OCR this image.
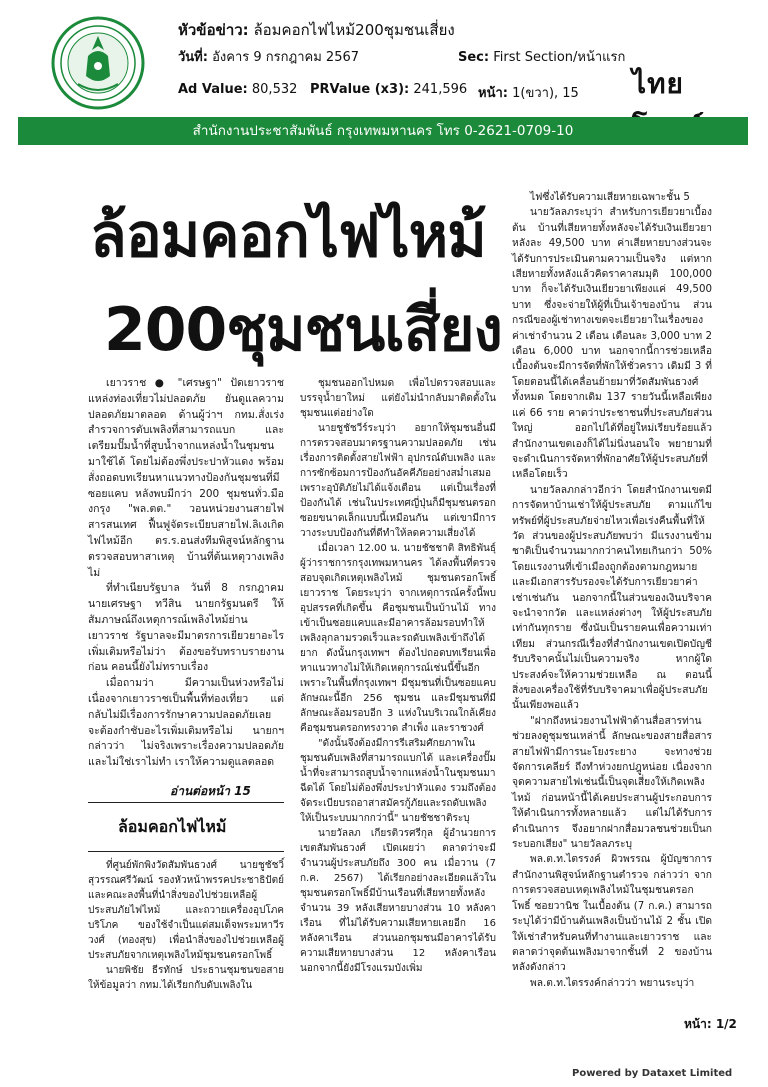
หัวข้อข่าว: ล้อมคอกไฟไหม้200ชุมชนเสี่ยง
วันที่: อังคาร 9 กรกฎาคม 2567	Sec: First Section/หน้าแรก
Ad Value: 80,532 PRValue (x3): 241,596 หน้า: 1(ขวา), 15 ไทย
สำนักงานประชาสัมพันธ์ กรุงเทพมหานคร โทร 0-2621-0709-10
ล้อมคอกไฟไหม้
200ชุมชนเสี่ยง

เยาวราช ● "เศรษฐา" ปัดเยาวราชแหล่งท่องเที่ยวไม่ปลอดภัย ยันดูแลความปลอดภัยมาตลอด ด้านผู้ว่าฯ กทม.สั่งเร่งสำรวจการดับเพลิงที่สามารถแบก และเตรียมปั๊มน้ำที่สูบน้ำจากแหล่งน้ำในชุมชนมาใช้ได้ โดยไม่ต้องพึ่งประปาหัวแดง พร้อมสั่งถอดบทเรียนหาแนวทางป้องกันชุมชนที่มีซอยแคบ หลังพบมีกว่า 200 ชุมชนทั่ว.มืองกรุง "พล.ตต." วอนหน่วยงานสายไฟสารสนเทศ ฟื้นฟูจัดระเบียบสายไฟ.ลิเงเกิดไฟไหม้อีก ตร.ร.อนส่งทีมพิสูจน์หลักฐานตรวจสอบหาสาเหตุ บ้านที่ต้นเหตุวางเพลิงไม่

ที่ทำเนียบรัฐบาล วันที่ 8 กรกฎาคม นายเศรษฐา ทวีสิน นายกรัฐมนตรี ให้สัมภาษณ์ถึงเหตุการณ์เพลิงไหม้ย่านเยาวราช รัฐบาลจะมีมาตรการเยียวยาอะไรเพิ่มเติมหรือไม่ว่า ต้องขอรับทราบรายงานก่อน คอนนี้ยังไม่ทราบเรื่อง

เมื่อถามว่า มีความเป็นห่วงหรือไม่ เนื่องจากเยาวราชเป็นพื้นที่ท่องเที่ยว แต่กลับไม่มีเรื่องการรักษาความปลอดภัยเลย จะต้องกำชับอะไรเพิ่มเติมหรือไม่ นายกฯ กล่าวว่า ไม่จริงเพราะเรื่องความปลอดภัย และไม่ใช่เราไม่ทำ เราให้ความดูแลตลอด

อ่านต่อหน้า 15
ล้อมคอกไฟไหม้

ที่ศูนย์พักพิงวัดสัมพันธวงศ์ นายชูชัชวิ์ สุวรรณศรีวัฒน์ รองหัวหน้าพรรคประชาธิปัตย์ และคณะลงพื้นที่นำสิ่งของไปช่วยเหลือผู้ประสบภัยไฟไหม้ และถวายเครื่องอุปโภคบริโภค ของใช้จำเป็นแด่สมเด็จพระมหาวีรวงศ์ (ทองสุข) เพื่อนำสิ่งของไปช่วยเหลือผู้ประสบภัยจากเหตุเพลิงไหม้ชุมชนตรอกโพธิ์

นายพิชัย ธีรทักษ์ ประธานชุมชนขอสาย ให้ข้อมูลว่า กทม.ได้เรียกกับดับเพลิงใน

ชุมชนออกไปหมด เพื่อไปตรวจสอบและบรรจุน้ำยาใหม่ แต่ยังไม่นำกลับมาติดตั้งในชุมชนแต่อย่างใด

นายชูชัชวีร์ระบุว่า อยากให้ชุมชนอื่นมีการตรวจสอบมาตรฐานความปลอดภัย เช่น เรื่องการติดตั้งสายไฟฟ้า อุปกรณ์ดับเพลิง และการซักซ้อมการป้องกันอัคคีภัยอย่างสม่ำเสมอ เพราะอุบัติภัยไม่ได้แจ้งเตือน แต่เป็นเรื่องที่ป้องกันได้ เช่นในประเทศญี่ปุ่นก็มีชุมชนตรอกซอยขนาดเล็กแบบนี้เหมือนกัน แต่เขามีการวางระบบป้องกันที่ดีทำให้ลดความเสี่ยงได้

เมื่อเวลา 12.00 น. นายชัชชาติ สิทธิพันธุ์ ผู้ว่าราชการกรุงเทพมหานคร ได้ลงพื้นที่ตรวจสอบจุดเกิดเหตุเพลิงไหม้ ชุมชนตรอกโพธิ์ เยาวราช โดยระบุว่า จากเหตุการณ์ครั้งนี้พบอุปสรรคที่เกิดขึ้น คือชุมชนเป็นบ้านไม้ ทางเข้าเป็นซอยแคบและมีอาคารล้อมรอบทำให้เพลิงลุกลามรวดเร็วและรถดับเพลิงเข้าถึงได้ยาก ดังนั้นกรุงเทพฯ ต้องไปถอดบทเรียนเพื่อหาแนวทางไม่ให้เกิดเหตุการณ์เช่นนี้ขึ้นอีก เพราะในพื้นที่กรุงเทพฯ มีชุมชนที่เป็นซอยแคบ ลักษณะนี้อีก 256 ชุมชน และมีชุมชนที่มีลักษณะล้อมรอบอีก 3 แห่งในบริเวณใกล้เคียง คือชุมชนตรอกทรงวาด สำเพ็ง และราชวงศ์

"ดังนั้นจึงต้องมีการรีเสริมศักยภาพในชุมชนดับเพลิงที่สามารถแบกได้ และเครื่องปั๊มน้ำที่จะสามารถสูบน้ำจากแหล่งน้ำในชุมชนมาฉีดได้ โดยไม่ต้องพึ่งประปาหัวแดง รวมถึงต้องจัดระเบียบรถอาสาสมัครกู้ภัยและรถดับเพลิงให้เป็นระบบมากกว่านี้" นายชัชชาติระบุ

นายวัลลภ เกียรติวรศรีกุล ผู้อำนวยการเขตสัมพันธวงศ์ เปิดเผยว่า ตลาดว่าจะมีจำนวนผู้ประสบภัยถึง 300 คน เมื่อวาน (7 ก.ค. 2567) ได้เรียกอย่างละเอียดแล้วในชุมชนตรอกโพธิ์มีบ้านเรือนที่เสียหายทั้งหลังจำนวน 39 หลังเสียหายบางส่วน 10 หลังคาเรือน ที่ไม่ได้รับความเสียหายเลยอีก 16 หลังคาเรือน ส่วนนอกชุมชนมีอาคารได้รับความเสียหายบางส่วน 12 หลังคาเรือน นอกจากนี้ยังมีโรงแรมบังเพิ่ม

ไฟซึ่งได้รับความเสียหายเฉพาะชั้น 5

นายวัลลภระบุว่า สำหรับการเยียวยาเบื้องต้น บ้านที่เสียหายทั้งหลังจะได้รับเงินเยียวยาหลังละ 49,500 บาท ค่าเสียหายบางส่วนจะได้รับการประเมินตามความเป็นจริง แต่หากเสียหายทั้งหลังแล้วคิดราคาสมมุติ 100,000 บาท ก็จะได้รับเงินเยียวยาเพียงแค่ 49,500 บาท ซึ่งจะจ่ายให้ผู้ที่เป็นเจ้าของบ้าน ส่วนกรณีของผู้เช่าทางเขตจะเยียวยาในเรื่องของค่าเช่าจำนวน 2 เดือน เดือนละ 3,000 บาท 2 เดือน 6,000 บาท นอกจากนี้การช่วยเหลือเบื้องต้นจะมีการจัดที่พักให้ชั่วคราว เดิมมี 3 ที่ โดยตอนนี้ได้เคลื่อนย้ายมาที่วัดสัมพันธวงศ์ทั้งหมด โดยจากเดิม 137 รายวันนี้เหลือเพียงแค่ 66 ราย คาดว่าประชาชนที่ประสบภัยส่วนใหญ่ ออกไปได้ที่อยู่ใหม่เรียบร้อยแล้ว สำนักงานเขตเองก็ได้ไม่นิ่งนอนใจ พยายามที่จะดำเนินการจัดหาที่พักอาศัยให้ผู้ประสบภัยที่เหลือโดยเร็ว

นายวัลลภกล่าวอีกว่า โดยสำนักงานเขตมีการจัดหาบ้านเช่าให้ผู้ประสบภัย ตามแก้ไขทรัพย์ที่ผู้ประสบภัยจ่ายไหวเพื่อเร่งคืนพื้นที่ให้วัด ส่วนของผู้ประสบภัยพบว่า มีแรงงานข้ามชาติเป็นจำนวนมากกว่าคนไทยเกินกว่า 50% โดยแรงงานที่เข้าเมืองถูกต้องตามกฎหมายและมีเอกสารรับรองจะได้รับการเยียวยาค่าเช่าเช่นกัน นอกจากนี้ในส่วนของเงินบริจาคจะนำจากวัด และแหล่งต่างๆ ให้ผู้ประสบภัยเท่ากันทุกราย ซึ่งนับเป็นรายคนเพื่อความเท่าเทียม ส่วนกรณีเรื่องที่สำนักงานเขตเปิดบัญชีรับบริจาคนั้นไม่เป็นความจริง หากผู้ใดประสงค์จะให้ความช่วยเหลือ ณ ตอนนี้ สิ่งของเครื่องใช้ที่รับบริจาคมาเพื่อผู้ประสบภัยนั้นเพียงพอแล้ว

"ฝากถึงหน่วยงานไฟฟ้าด้านสื่อสารท่านช่วยลงดูชุมชนเหล่านี้ ลักษณะของสายสื่อสารสายไฟฟ้ามีการนะโยงระยาง จะทางช่วยจัดการเคลียร์ ถึงทำห่วงยกปฎูหน่อย เนื่องจากจุดความสายไฟเช่นนี้เป็นจุดเสี่ยงให้เกิดเพลิงไหม้ ก่อนหน้านี้ได้เคยประสานผู้ประกอบการให้ดำเนินการทั้งหลายแล้ว แต่ไม่ได้รับการดำเนินการ จึงอยากฝากสื่อมวลชนช่วยเป็นกระบอกเสียง" นายวัลลภระบุ

พล.ต.ท.ไตรรงค์ ผิวพรรณ ผู้บัญชาการสำนักงานพิสูจน์หลักฐานตำรวจ กล่าวว่า จากการตรวจสอบเหตุเพลิงไหม้ในชุมชนตรอกโพธิ์ ซอยวานิช ในเบื้องต้น (7 ก.ค.) สามารถระบุได้ว่ามีบ้านต้นเพลิงเป็นบ้านไม้ 2 ชั้น เปิดให้เช่าสำหรับคนที่ทำงานและเยาวราช และตลาดว่าจุดต้นเพลิงมาจากชั้นที่ 2 ของบ้านหลังดังกล่าว

พล.ต.ท.ไตรรงค์กล่าวว่า พยานระบุว่า

หน้า: 1/2
Powered by Dataxet Limited
